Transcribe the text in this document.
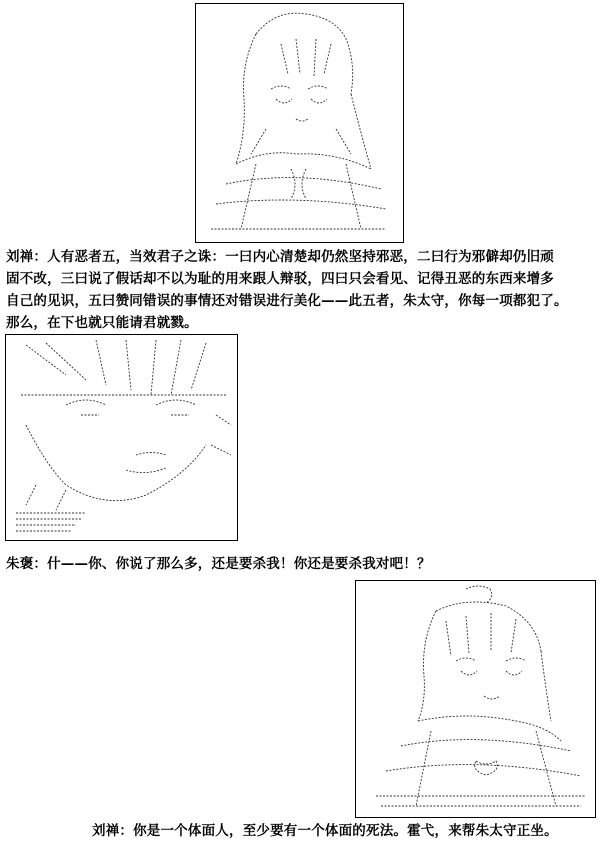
刘禅：人有恶者五，当效君子之诛：一曰内心清楚却仍然坚持邪恶，二曰行为邪僻却仍旧顽
固不改，三曰说了假话却不以为耻的用来跟人辩驳，四曰只会看见、记得丑恶的东西来增多
自己的见识，五曰赞同错误的事情还对错误进行美化——此五者，朱太守，你每一项都犯了。
那么，在下也就只能请君就戮。
朱褒：什——你、你说了那么多，还是要杀我！你还是要杀我对吧！？
刘禅：你是一个体面人，至少要有一个体面的死法。霍弋，来帮朱太守正坐。
